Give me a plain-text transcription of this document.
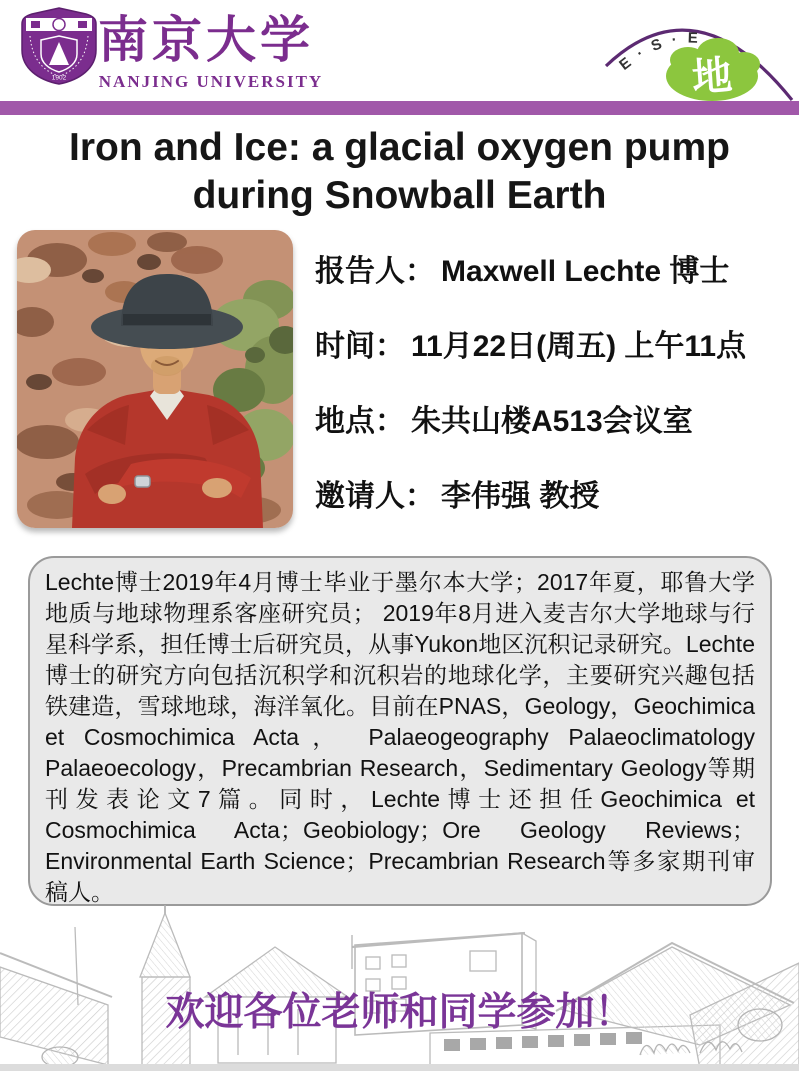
1902
南京大学
NANJING UNIVERSITY
E · S · E
地
Iron and Ice: a glacial oxygen pump
during Snowball Earth
报告人： Maxwell Lechte 博士
时间： 11月22日(周五) 上午11点
地点： 朱共山楼A513会议室
邀请人： 李伟强 教授

Lechte博士2019年4月博士毕业于墨尔本大学；2017年夏，耶鲁大学地质与地球物理系客座研究员； 2019年8月进入麦吉尔大学地球与行星科学系，担任博士后研究员，从事Yukon地区沉积记录研究。Lechte博士的研究方向包括沉积学和沉积岩的地球化学，主要研究兴趣包括铁建造，雪球地球，海洋氧化。目前在PNAS，Geology，Geochimica et Cosmochimica Acta， Palaeogeography Palaeoclimatology Palaeoecology，Precambrian Research，Sedimentary Geology等期刊发表论文7篇。同时，Lechte博士还担任Geochimica et Cosmochimica Acta；Geobiology；Ore Geology Reviews；Environmental Earth Science；Precambrian Research等多家期刊审稿人。

欢迎各位老师和同学参加！
